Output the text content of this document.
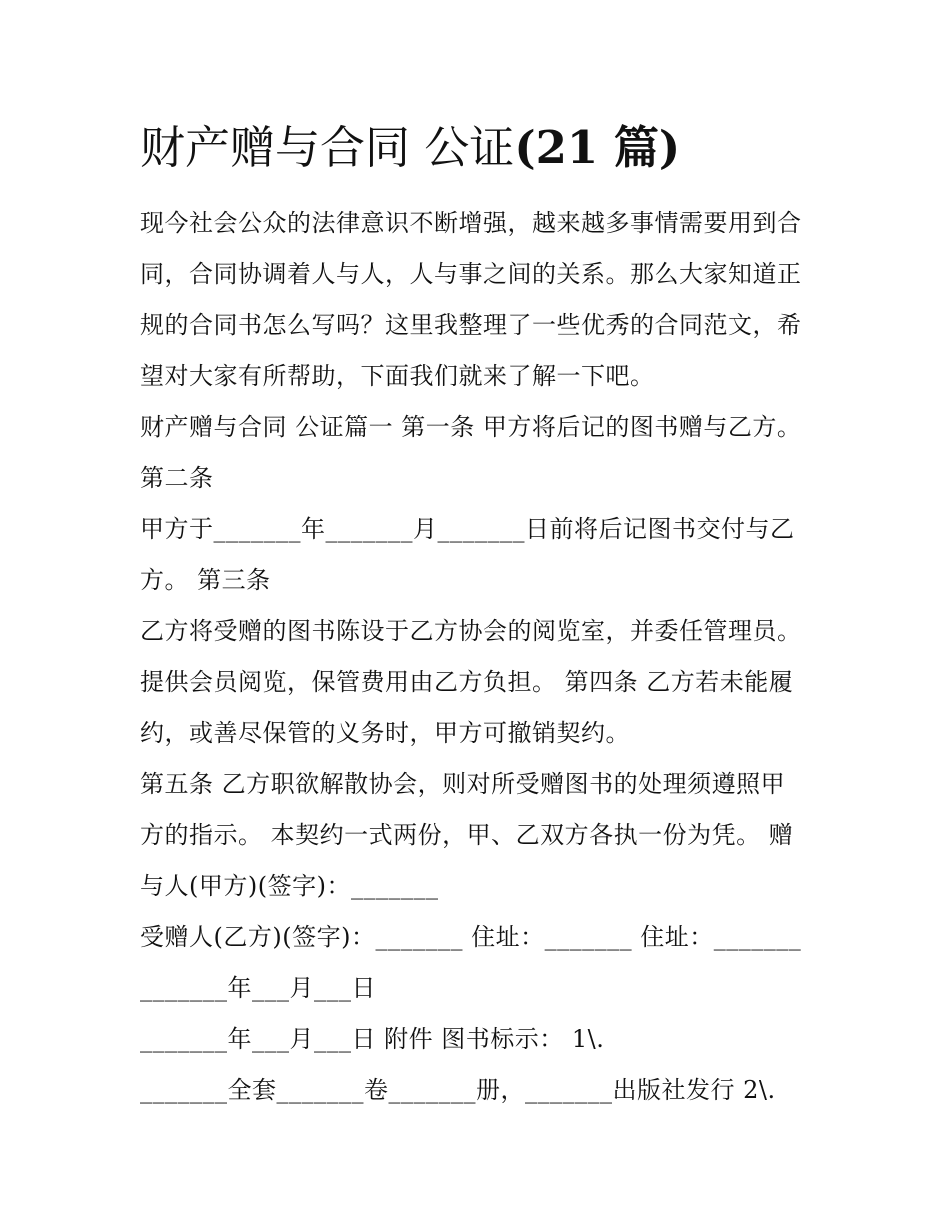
财产赠与合同 公证(21 篇)

现今社会公众的法律意识不断增强，越来越多事情需要用到合

同，合同协调着人与人，人与事之间的关系。那么大家知道正

规的合同书怎么写吗？这里我整理了一些优秀的合同范文，希

望对大家有所帮助，下面我们就来了解一下吧。

财产赠与合同 公证篇一 第一条 甲方将后记的图书赠与乙方。

第二条

甲方于_______年_______月_______日前将后记图书交付与乙

方。 第三条

乙方将受赠的图书陈设于乙方协会的阅览室，并委任管理员。

提供会员阅览，保管费用由乙方负担。 第四条 乙方若未能履

约，或善尽保管的义务时，甲方可撤销契约。

第五条 乙方职欲解散协会，则对所受赠图书的处理须遵照甲

方的指示。 本契约一式两份，甲、乙双方各执一份为凭。 赠

与人(甲方)(签字)：_______

受赠人(乙方)(签字)：_______ 住址：_______ 住址：_______

_______年___月___日

_______年___月___日 附件 图书标示： 1\.

_______全套_______卷_______册，_______出版社发行 2\.
